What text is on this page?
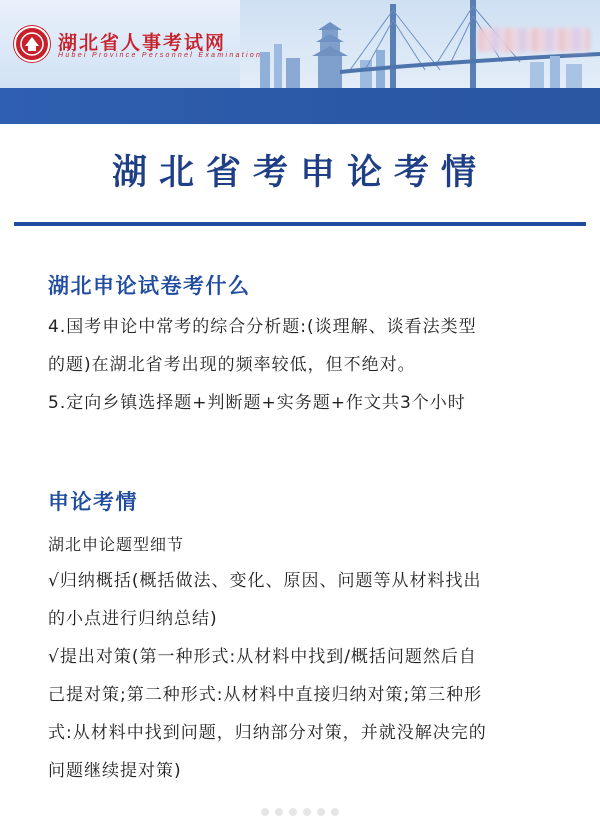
湖北省人事考试网
Hubei Province Personnel Examination
湖北省考申论考情
湖北申论试卷考什么
4.国考申论中常考的综合分析题:(谈理解、谈看法类型
的题)在湖北省考出现的频率较低，但不绝对。
5.定向乡镇选择题+判断题+实务题+作文共3个小时
申论考情
湖北申论题型细节
√归纳概括(概括做法、变化、原因、问题等从材料找出
的小点进行归纳总结)
√提出对策(第一种形式:从材料中找到/概括问题然后自
己提对策;第二种形式:从材料中直接归纳对策;第三种形
式:从材料中找到问题，归纳部分对策，并就没解决完的
问题继续提对策)
